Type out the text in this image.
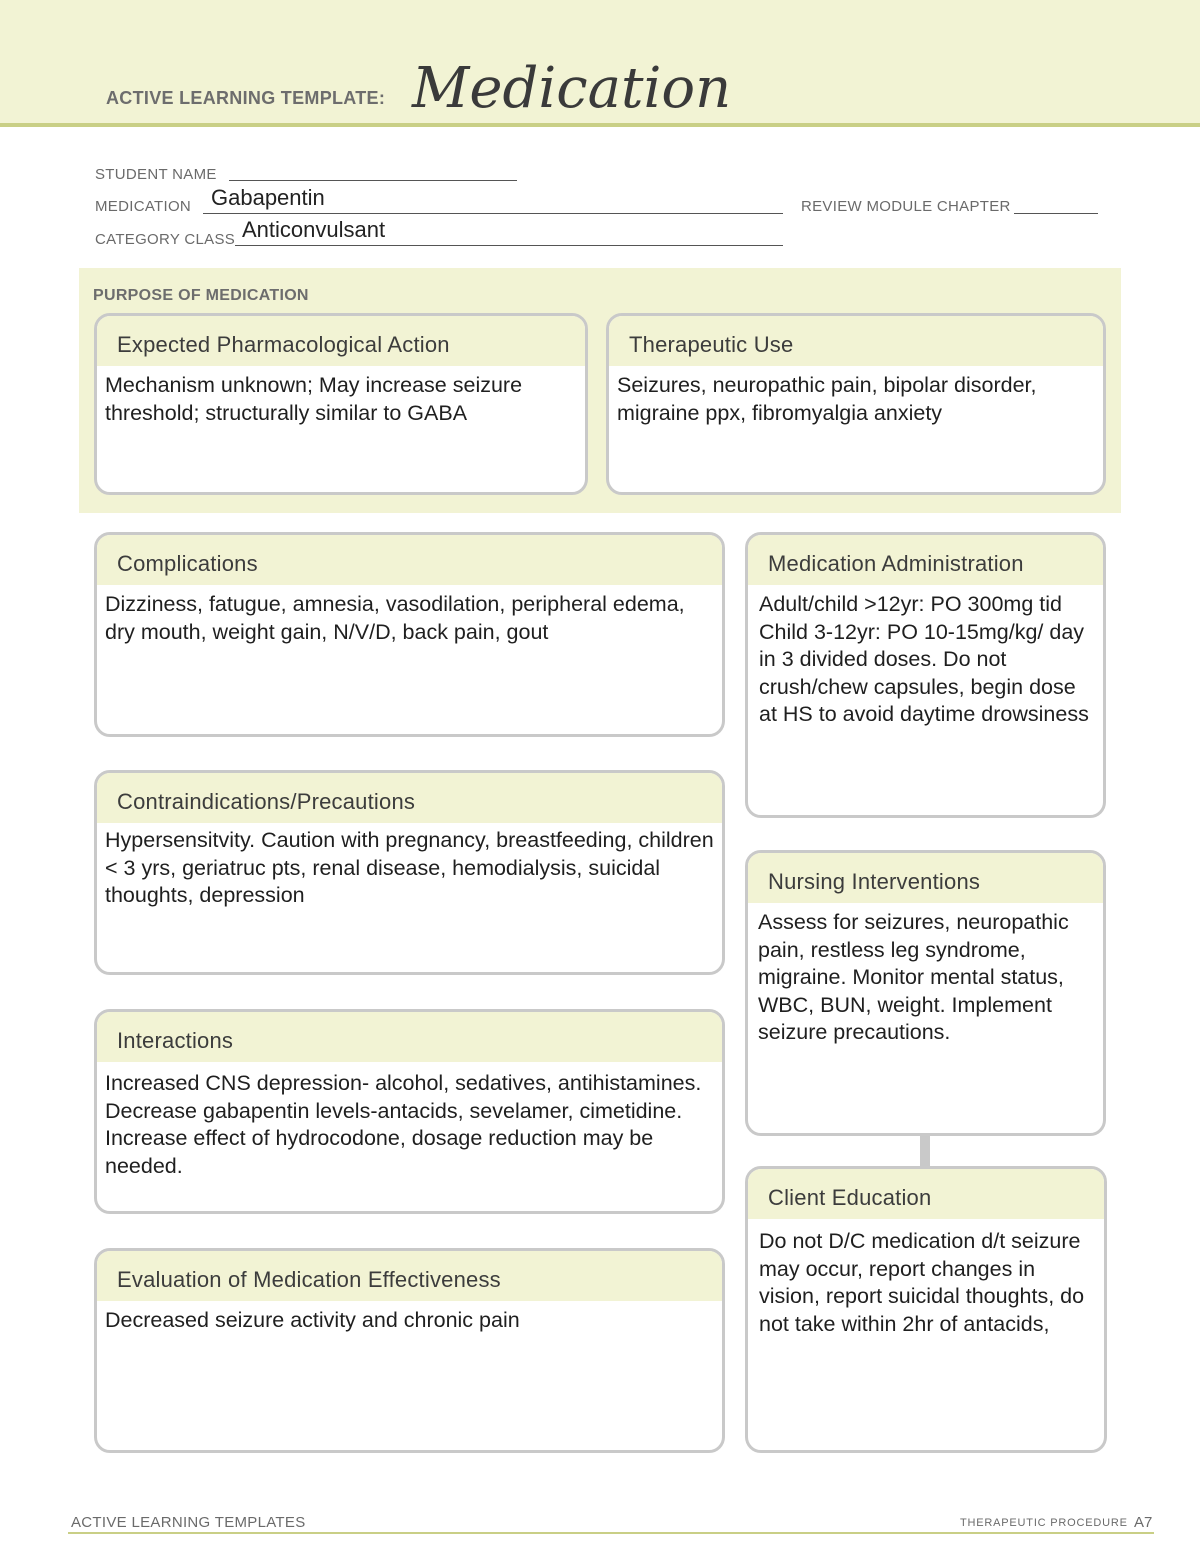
ACTIVE LEARNING TEMPLATE: Medication
STUDENT NAME
MEDICATION Gabapentin	REVIEW MODULE CHAPTER
CATEGORY CLASS Anticonvulsant
PURPOSE OF MEDICATION
Expected Pharmacological Action
Mechanism unknown; May increase seizure threshold; structurally similar to GABA
Therapeutic Use
Seizures, neuropathic pain, bipolar disorder, migraine ppx, fibromyalgia anxiety
Complications
Dizziness, fatugue, amnesia, vasodilation, peripheral edema, dry mouth, weight gain, N/V/D, back pain, gout
Contraindications/Precautions
Hypersensitvity. Caution with pregnancy, breastfeeding, children < 3 yrs, geriatruc pts, renal disease, hemodialysis, suicidal thoughts, depression
Interactions
Increased CNS depression- alcohol, sedatives, antihistamines. Decrease gabapentin levels-antacids, sevelamer, cimetidine. Increase effect of hydrocodone, dosage reduction may be needed.
Evaluation of Medication Effectiveness
Decreased seizure activity and chronic pain
Medication Administration
Adult/child >12yr: PO 300mg tid Child 3-12yr: PO 10-15mg/kg/ day in 3 divided doses. Do not crush/chew capsules, begin dose at HS to avoid daytime drowsiness
Nursing Interventions
Assess for seizures, neuropathic pain, restless leg syndrome, migraine. Monitor mental status, WBC, BUN, weight. Implement seizure precautions.
Client Education
Do not D/C medication d/t seizure may occur, report changes in vision, report suicidal thoughts, do not take within 2hr of antacids,
ACTIVE LEARNING TEMPLATES	THERAPEUTIC PROCEDURE A7
